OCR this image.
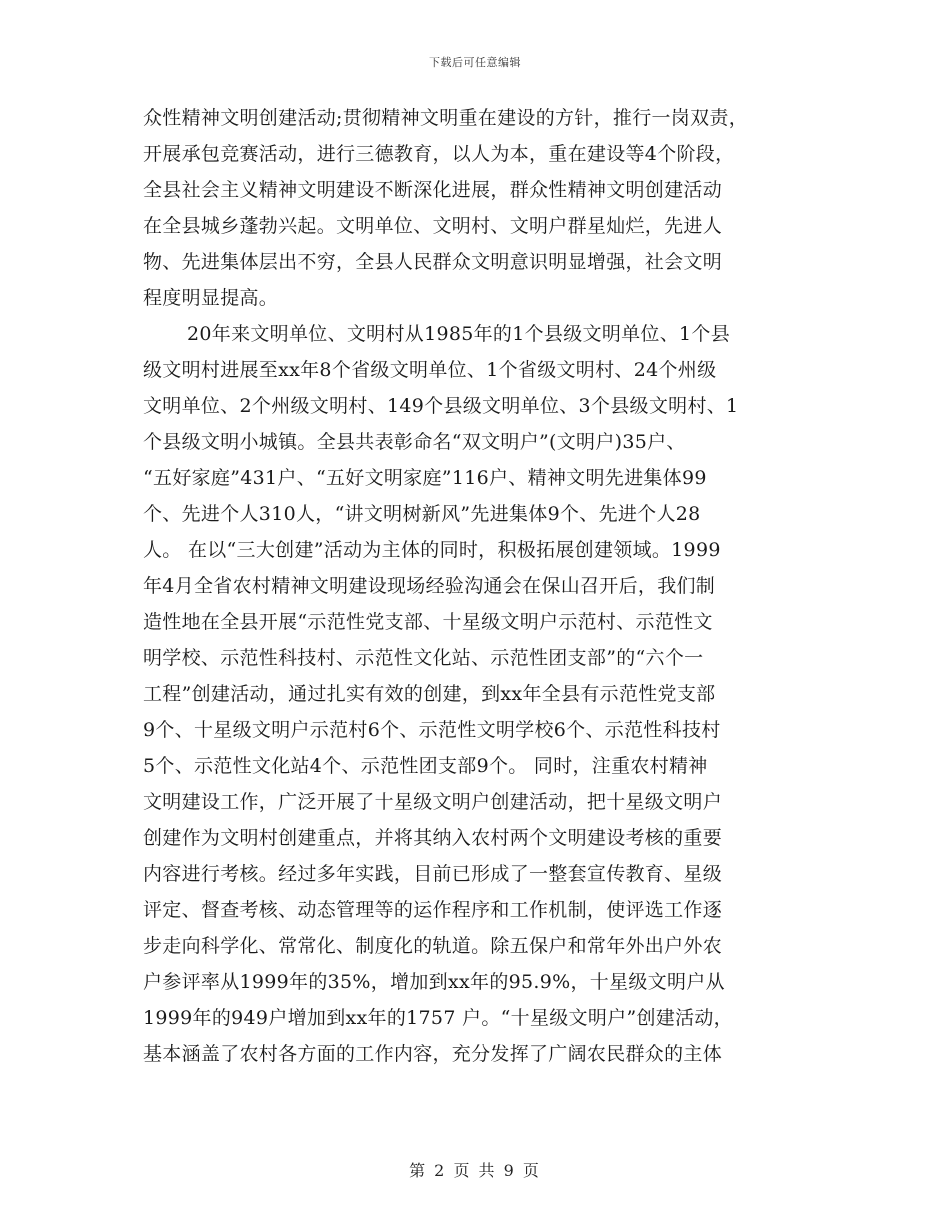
下载后可任意编辑
众性精神文明创建活动;贯彻精神文明重在建设的方针，推行一岗双责，
开展承包竞赛活动，进行三德教育，以人为本，重在建设等4个阶段，
全县社会主义精神文明建设不断深化进展，群众性精神文明创建活动
在全县城乡蓬勃兴起。文明单位、文明村、文明户群星灿烂，先进人
物、先进集体层出不穷，全县人民群众文明意识明显增强，社会文明
程度明显提高。
20年来文明单位、文明村从1985年的1个县级文明单位、1个县
级文明村进展至xx年8个省级文明单位、1个省级文明村、24个州级
文明单位、2个州级文明村、149个县级文明单位、3个县级文明村、1
个县级文明小城镇。全县共表彰命名“双文明户”(文明户)35户、
“五好家庭”431户、“五好文明家庭”116户、精神文明先进集体99
个、先进个人310人，“讲文明树新风”先进集体9个、先进个人28
人。 在以“三大创建”活动为主体的同时，积极拓展创建领域。1999
年4月全省农村精神文明建设现场经验沟通会在保山召开后，我们制
造性地在全县开展“示范性党支部、十星级文明户示范村、示范性文
明学校、示范性科技村、示范性文化站、示范性团支部”的“六个一
工程”创建活动，通过扎实有效的创建，到xx年全县有示范性党支部
9个、十星级文明户示范村6个、示范性文明学校6个、示范性科技村
5个、示范性文化站4个、示范性团支部9个。 同时，注重农村精神
文明建设工作，广泛开展了十星级文明户创建活动，把十星级文明户
创建作为文明村创建重点，并将其纳入农村两个文明建设考核的重要
内容进行考核。经过多年实践，目前已形成了一整套宣传教育、星级
评定、督查考核、动态管理等的运作程序和工作机制，使评选工作逐
步走向科学化、常常化、制度化的轨道。除五保户和常年外出户外农
户参评率从1999年的35%，增加到xx年的95.9%，十星级文明户从
1999年的949户增加到xx年的1757 户。“十星级文明户”创建活动，
基本涵盖了农村各方面的工作内容，充分发挥了广阔农民群众的主体
第 2 页 共 9 页
